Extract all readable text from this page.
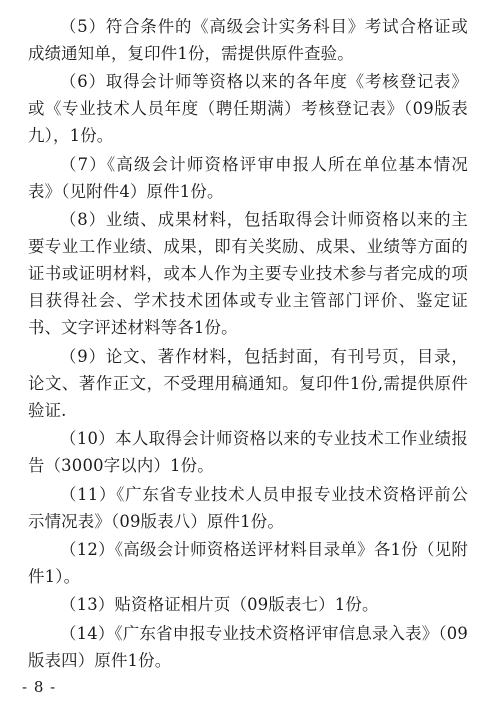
（5）符合条件的《高级会计实务科目》考试合格证或成绩通知单，复印件1份，需提供原件查验。

（6）取得会计师等资格以来的各年度《考核登记表》或《专业技术人员年度（聘任期满）考核登记表》（09版表九），1份。

（7）《高级会计师资格评审申报人所在单位基本情况表》（见附件4）原件1份。

（8）业绩、成果材料，包括取得会计师资格以来的主要专业工作业绩、成果，即有关奖励、成果、业绩等方面的证书或证明材料，或本人作为主要专业技术参与者完成的项目获得社会、学术技术团体或专业主管部门评价、鉴定证书、文字评述材料等各1份。

（9）论文、著作材料，包括封面，有刊号页，目录，论文、著作正文，不受理用稿通知。复印件1份,需提供原件验证.

（10）本人取得会计师资格以来的专业技术工作业绩报告（3000字以内）1份。

（11）《广东省专业技术人员申报专业技术资格评前公示情况表》（09版表八）原件1份。

（12）《高级会计师资格送评材料目录单》各1份（见附件1）。

（13）贴资格证相片页（09版表七）1份。

（14）《广东省申报专业技术资格评审信息录入表》（09版表四）原件1份。

- 8 -
